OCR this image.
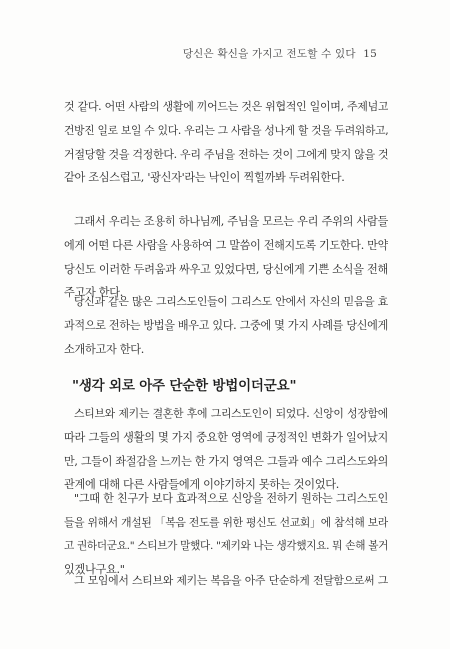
당신은 확신을 가지고 전도할 수 있다 15
것 같다. 어떤 사람의 생활에 끼어드는 것은 위협적인 일이며, 주제넘고
건방진 일로 보일 수 있다. 우리는 그 사람을 성나게 할 것을 두려워하고,
거절당할 것을 걱정한다. 우리 주님을 전하는 것이 그에게 맞지 않을 것
같아 조심스럽고, '광신자'라는 낙인이 찍힐까봐 두려워한다.
그래서 우리는 조용히 하나님께, 주님을 모르는 우리 주위의 사람들
에게 어떤 다른 사람을 사용하여 그 말씀이 전해지도록 기도한다. 만약
당신도 이러한 두려움과 싸우고 있었다면, 당신에게 기쁜 소식을 전해
주고자 한다.
당신과 같은 많은 그리스도인들이 그리스도 안에서 자신의 믿음을 효
과적으로 전하는 방법을 배우고 있다. 그중에 몇 가지 사례를 당신에게
소개하고자 한다.
"생각 외로 아주 단순한 방법이더군요"
스티브와 제키는 결혼한 후에 그리스도인이 되었다. 신앙이 성장함에
따라 그들의 생활의 몇 가지 중요한 영역에 긍정적인 변화가 일어났지
만, 그들이 좌절감을 느끼는 한 가지 영역은 그들과 예수 그리스도와의
관계에 대해 다른 사람들에게 이야기하지 못하는 것이었다.
"그때 한 친구가 보다 효과적으로 신앙을 전하기 원하는 그리스도인
들을 위해서 개설된 「복음 전도를 위한 평신도 선교회」에 참석해 보라
고 권하더군요." 스티브가 말했다. "제키와 나는 생각했지요. 뭐 손해 볼거
있겠나구요."
그 모임에서 스티브와 제키는 복음을 아주 단순하게 전달함으로써 그
